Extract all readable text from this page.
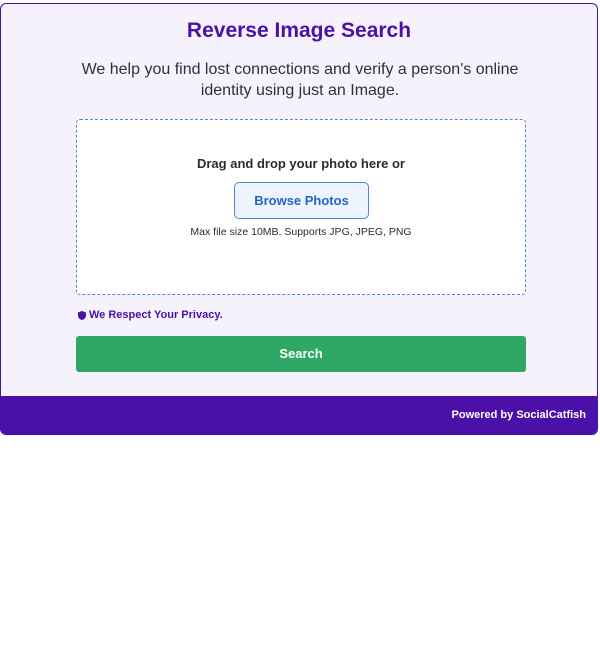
Reverse Image Search
We help you find lost connections and verify a person's online identity using just an Image.
Drag and drop your photo here or
Browse Photos
Max file size 10MB. Supports JPG, JPEG, PNG
We Respect Your Privacy.
Search
Powered by SocialCatfish
